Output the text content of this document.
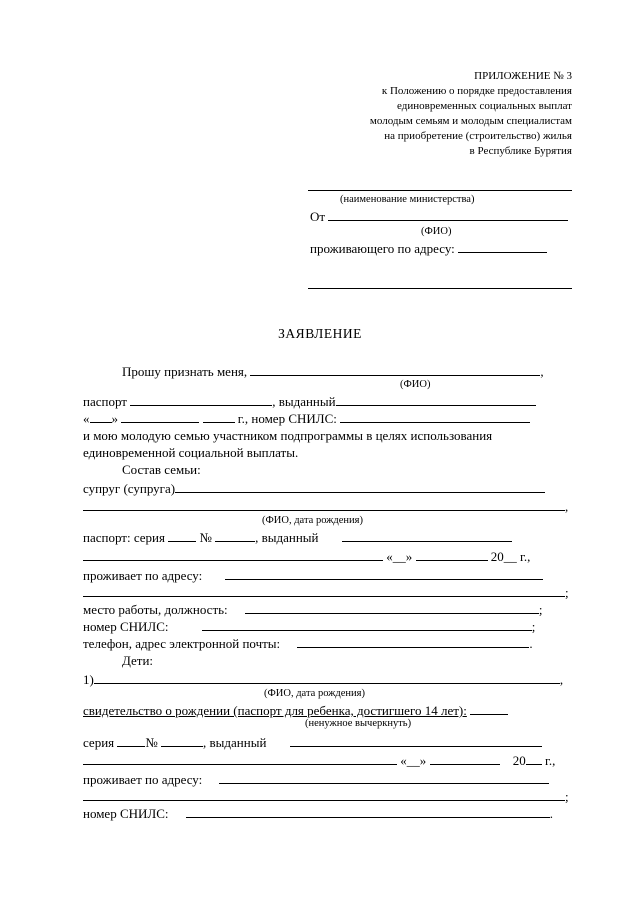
ПРИЛОЖЕНИЕ № 3
к Положению о порядке предоставления
единовременных социальных выплат
молодым семьям и молодым специалистам
на приобретение (строительство) жилья
в Республике Бурятия
(наименование министерства)
От
(ФИО)
проживающего по адресу:
ЗАЯВЛЕНИЕ
Прошу признать меня,	,
(ФИО)
паспорт	, выданный
« »	г., номер СНИЛС:
и мою молодую семью участником подпрограммы в целях использования
единовременной социальной выплаты.
Состав семьи:
супруг (супруга)
,
(ФИО, дата рождения)
паспорт: серия	№	, выданный
«__»	20__ г.,
проживает по адресу:
;
место работы, должность:	;
номер СНИЛС:	;
телефон, адрес электронной почты:	.
Дети:
1)	,
(ФИО, дата рождения)
свидетельство о рождении (паспорт для ребенка, достигшего 14 лет):
(ненужное вычеркнуть)
серия №	, выданный
«__»	20 г.,
проживает по адресу:
;
номер СНИЛС:	.
